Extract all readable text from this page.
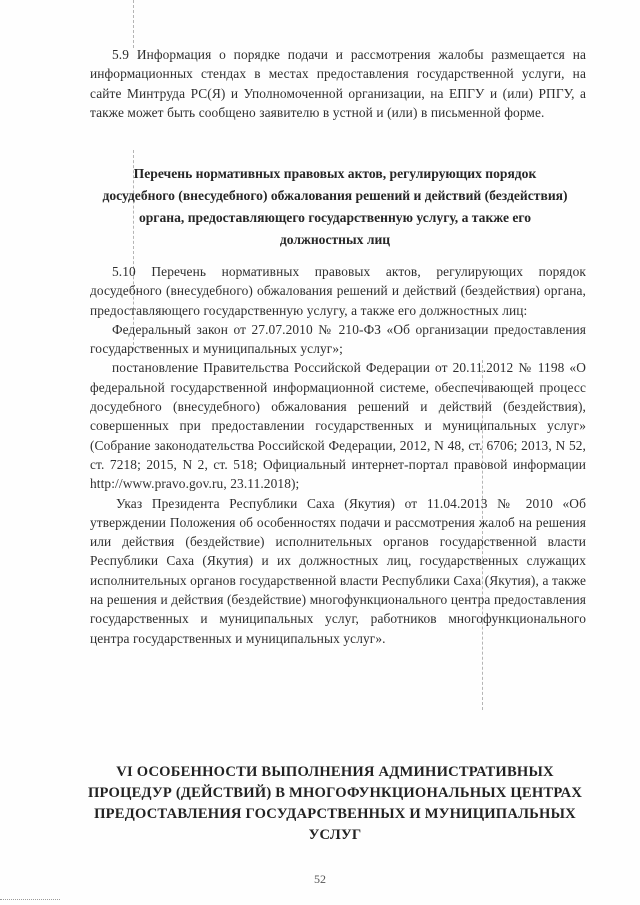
5.9 Информация о порядке подачи и рассмотрения жалобы размещается на информационных стендах в местах предоставления государственной услуги, на сайте Минтруда РС(Я) и Уполномоченной организации, на ЕПГУ и (или) РПГУ, а также может быть сообщено заявителю в устной и (или) в письменной форме.

Перечень нормативных правовых актов, регулирующих порядок досудебного (внесудебного) обжалования решений и действий (бездействия) органа, предоставляющего государственную услугу, а также его должностных лиц

5.10 Перечень нормативных правовых актов, регулирующих порядок досудебного (внесудебного) обжалования решений и действий (бездействия) органа, предоставляющего государственную услугу, а также его должностных лиц:

Федеральный закон от 27.07.2010 № 210-ФЗ «Об организации предоставления государственных и муниципальных услуг»;

постановление Правительства Российской Федерации от 20.11.2012 № 1198 «О федеральной государственной информационной системе, обеспечивающей процесс досудебного (внесудебного) обжалования решений и действий (бездействия), совершенных при предоставлении государственных и муниципальных услуг» (Собрание законодательства Российской Федерации, 2012, N 48, ст. 6706; 2013, N 52, ст. 7218; 2015, N 2, ст. 518; Официальный интернет-портал правовой информации http://www.pravo.gov.ru, 23.11.2018);

Указ Президента Республики Саха (Якутия) от 11.04.2013 № 2010 «Об утверждении Положения об особенностях подачи и рассмотрения жалоб на решения или действия (бездействие) исполнительных органов государственной власти Республики Саха (Якутия) и их должностных лиц, государственных служащих исполнительных органов государственной власти Республики Саха (Якутия), а также на решения и действия (бездействие) многофункционального центра предоставления государственных и муниципальных услуг, работников многофункционального центра государственных и муниципальных услуг».

VI ОСОБЕННОСТИ ВЫПОЛНЕНИЯ АДМИНИСТРАТИВНЫХ ПРОЦЕДУР (ДЕЙСТВИЙ) В МНОГОФУНКЦИОНАЛЬНЫХ ЦЕНТРАХ ПРЕДОСТАВЛЕНИЯ ГОСУДАРСТВЕННЫХ И МУНИЦИПАЛЬНЫХ УСЛУГ
52
